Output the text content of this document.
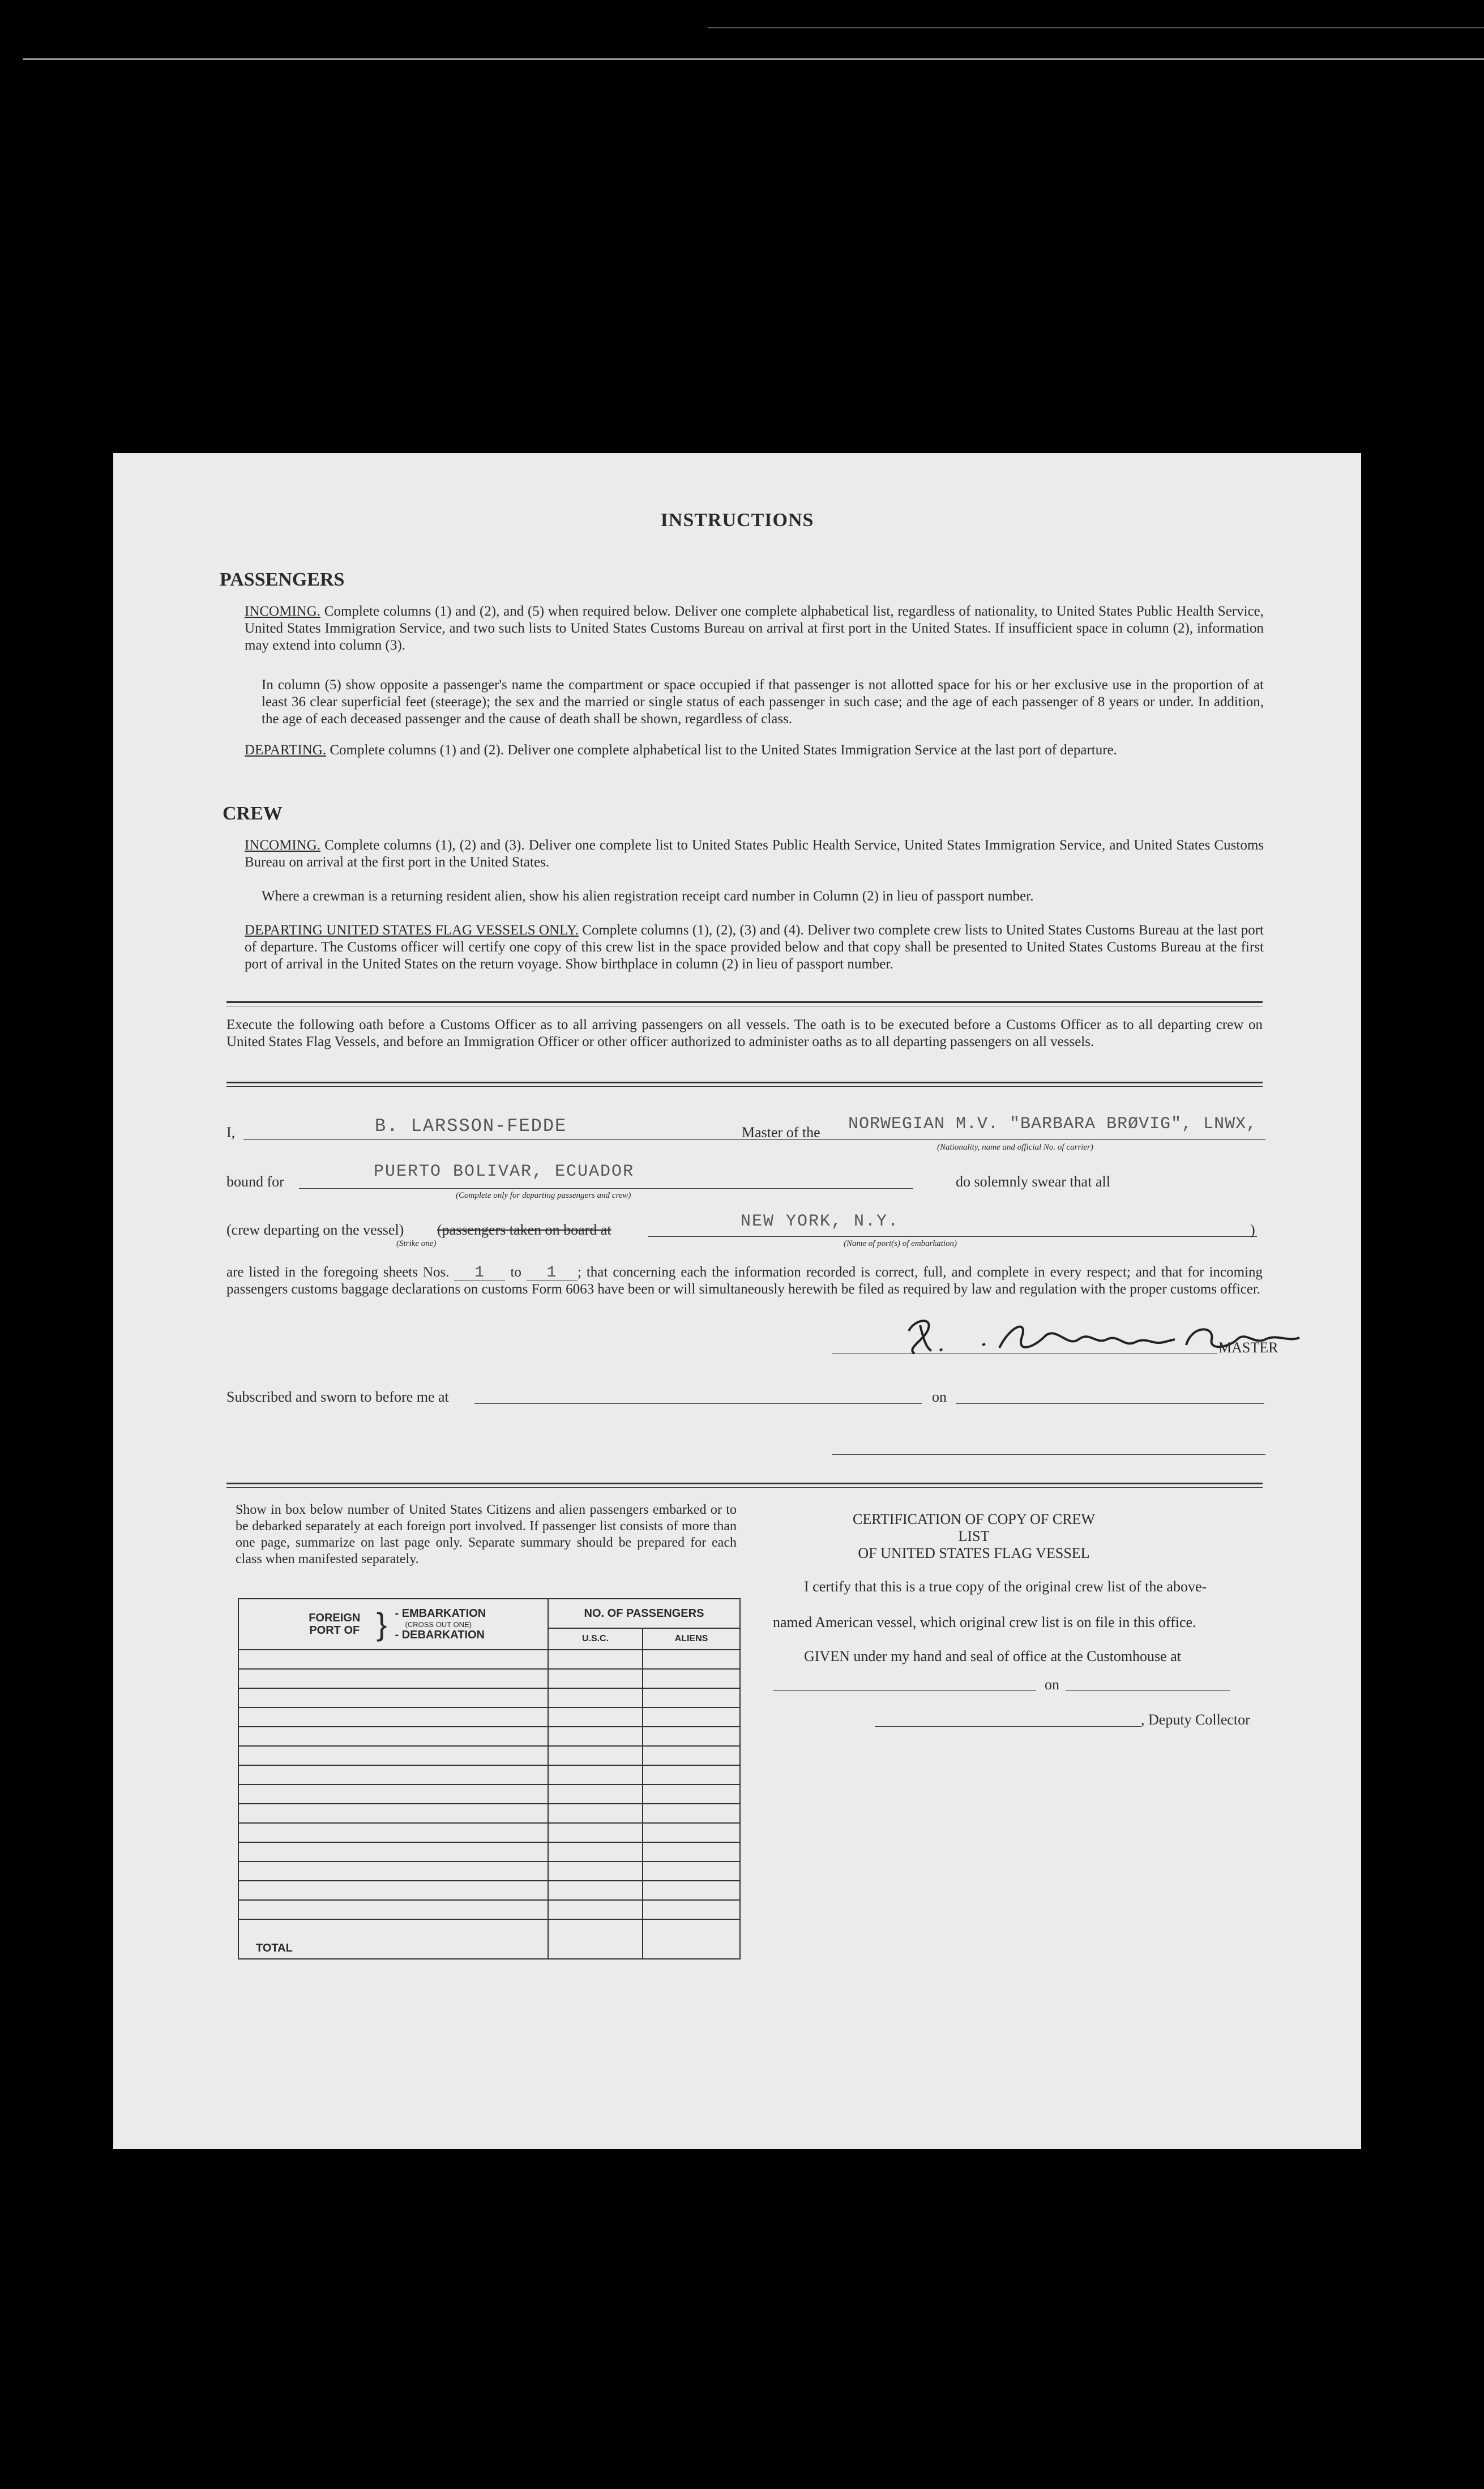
INSTRUCTIONS
PASSENGERS
INCOMING. Complete columns (1) and (2), and (5) when required below. Deliver one complete alphabetical list, regardless of nationality, to United States Public Health Service, United States Immigration Service, and two such lists to United States Customs Bureau on arrival at first port in the United States. If insufficient space in column (2), information may extend into column (3).
In column (5) show opposite a passenger's name the compartment or space occupied if that passenger is not allotted space for his or her exclusive use in the proportion of at least 36 clear superficial feet (steerage); the sex and the married or single status of each passenger in such case; and the age of each passenger of 8 years or under. In addition, the age of each deceased passenger and the cause of death shall be shown, regardless of class.
DEPARTING. Complete columns (1) and (2). Deliver one complete alphabetical list to the United States Immigration Service at the last port of departure.
CREW
INCOMING. Complete columns (1), (2) and (3). Deliver one complete list to United States Public Health Service, United States Immigration Service, and United States Customs Bureau on arrival at the first port in the United States.
Where a crewman is a returning resident alien, show his alien registration receipt card number in Column (2) in lieu of passport number.
DEPARTING UNITED STATES FLAG VESSELS ONLY. Complete columns (1), (2), (3) and (4). Deliver two complete crew lists to United States Customs Bureau at the last port of departure. The Customs officer will certify one copy of this crew list in the space provided below and that copy shall be presented to United States Customs Bureau at the first port of arrival in the United States on the return voyage. Show birthplace in column (2) in lieu of passport number.
Execute the following oath before a Customs Officer as to all arriving passengers on all vessels. The oath is to be executed before a Customs Officer as to all departing crew on United States Flag Vessels, and before an Immigration Officer or other officer authorized to administer oaths as to all departing passengers on all vessels.
I,	B. LARSSON-FEDDE	Master of the NORWEGIAN M.V. "BARBARA BRØVIG", LNWX,
(Nationality, name and official No. of carrier)
bound for
PUERTO BOLIVAR, ECUADOR
(Complete only for departing passengers and crew)
do solemnly swear that all
(crew departing on the vessel) (passengers taken on board at
(Strike one)
NEW YORK, N.Y.
(Name of port(s) of embarkation)
)
are listed in the foregoing sheets Nos. 1 to 1 ; that concerning each the information recorded is correct, full, and complete in every respect; and that for incoming passengers customs baggage declarations on customs Form 6063 have been or will simultaneously herewith be filed as required by law and regulation with the proper customs officer.
MASTER
Subscribed and sworn to before me at	on
Show in box below number of United States Citizens and alien passengers embarked or to be debarked separately at each foreign port involved. If passenger list consists of more than one page, summarize on last page only. Separate summary should be prepared for each class when manifested separately.
FOREIGN PORT OF } - EMBARKATION
(CROSS OUT ONE)
- DEBARKATION	NO. OF PASSENGERS	
	U.S.C.	ALIENS

TOTAL		
CERTIFICATION OF COPY OF CREW LIST
OF UNITED STATES FLAG VESSEL
I certify that this is a true copy of the original crew list of the above-
named American vessel, which original crew list is on file in this office.
GIVEN under my hand and seal of office at the Customhouse at
on
, Deputy Collector
